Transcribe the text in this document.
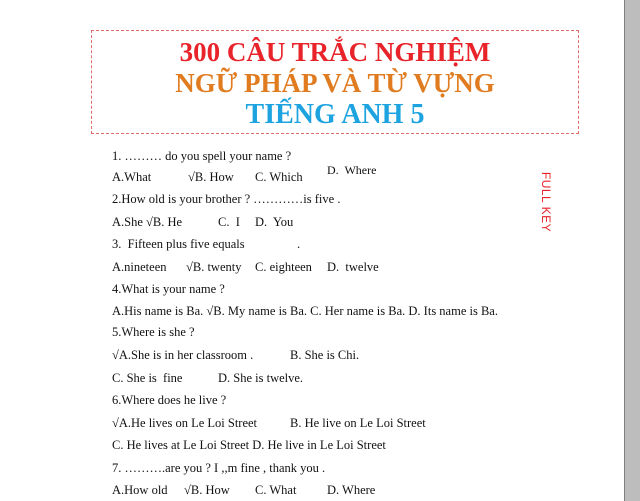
300 CÂU TRẮC NGHIỆM
NGỮ PHÁP VÀ TỪ VỰNG
TIẾNG ANH 5
FULL KEY
1. ……… do you spell your name ?
D.  Where
A.What	√B. How C. Which
2.How old is your brother ? …………is five .
A.She √B. He	C.  I D.  You
3.  Fifteen plus five equals	.
A.nineteen √B. twenty C. eighteen D.  twelve
4.What is your name ?
A.His name is Ba. √B. My name is Ba. C. Her name is Ba. D. Its name is Ba.
5.Where is she ?
√A.She is in her classroom .	B. She is Chi.
C. She is  fine	D. She is twelve.
6.Where does he live ?
√A.He lives on Le Loi Street	B. He live on Le Loi Street
C. He lives at Le Loi Street D. He live in Le Loi Street
7. ……….are you ? I ,,m fine , thank you .
A.How old √B. How C. What D. Where
